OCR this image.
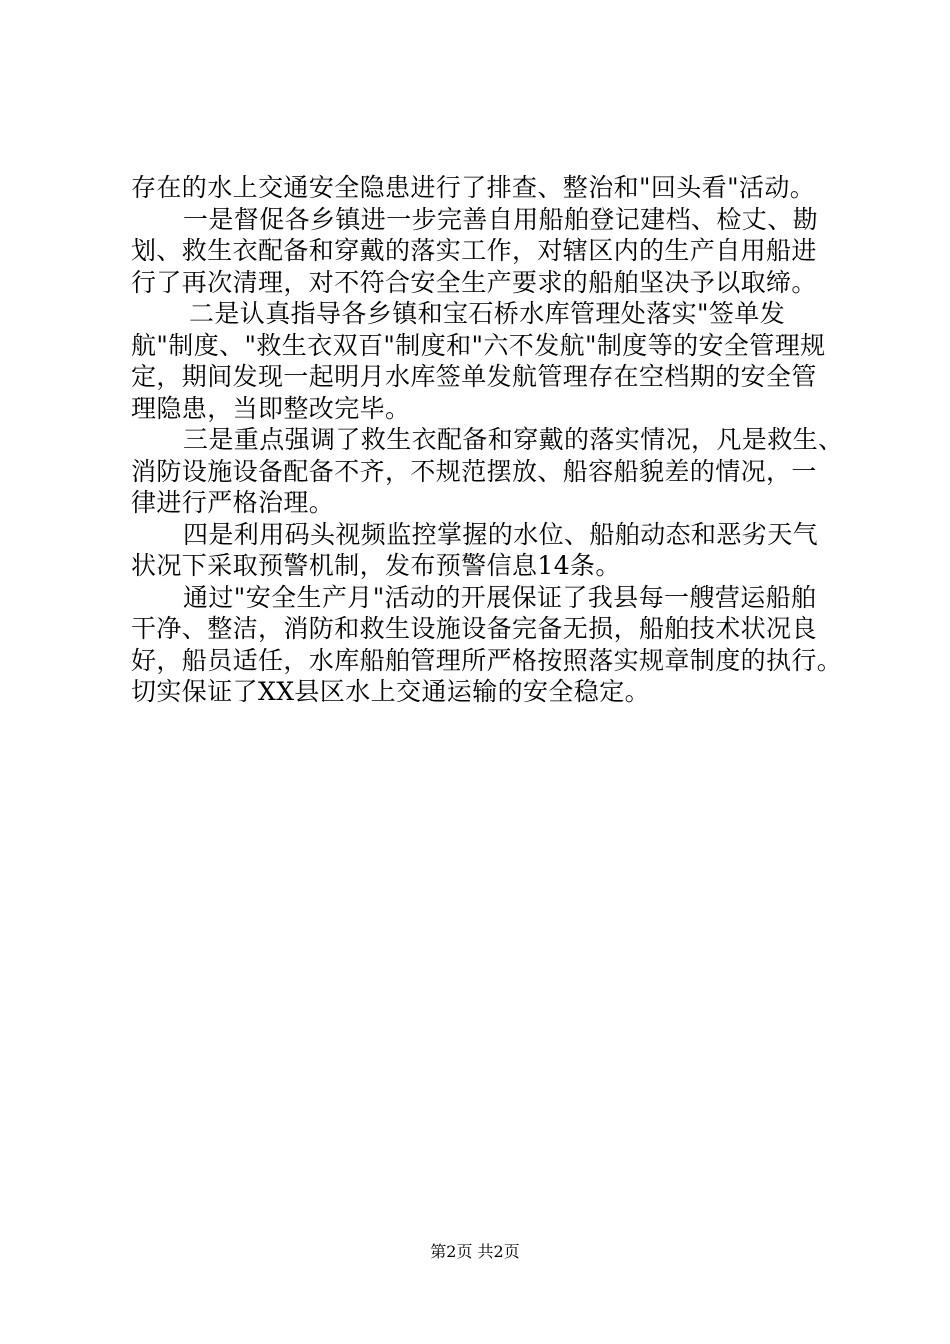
存在的水上交通安全隐患进行了排查、整治和"回头看"活动。
一是督促各乡镇进一步完善自用船舶登记建档、检丈、勘
划、救生衣配备和穿戴的落实工作，对辖区内的生产自用船进
行了再次清理，对不符合安全生产要求的船舶坚决予以取缔。
二是认真指导各乡镇和宝石桥水库管理处落实"签单发
航"制度、"救生衣双百"制度和"六不发航"制度等的安全管理规
定，期间发现一起明月水库签单发航管理存在空档期的安全管
理隐患，当即整改完毕。
三是重点强调了救生衣配备和穿戴的落实情况，凡是救生、
消防设施设备配备不齐，不规范摆放、船容船貌差的情况，一
律进行严格治理。
四是利用码头视频监控掌握的水位、船舶动态和恶劣天气
状况下采取预警机制，发布预警信息14条。
通过"安全生产月"活动的开展保证了我县每一艘营运船舶
干净、整洁，消防和救生设施设备完备无损，船舶技术状况良
好，船员适任，水库船舶管理所严格按照落实规章制度的执行。
切实保证了XX县区水上交通运输的安全稳定。
第2页 共2页
